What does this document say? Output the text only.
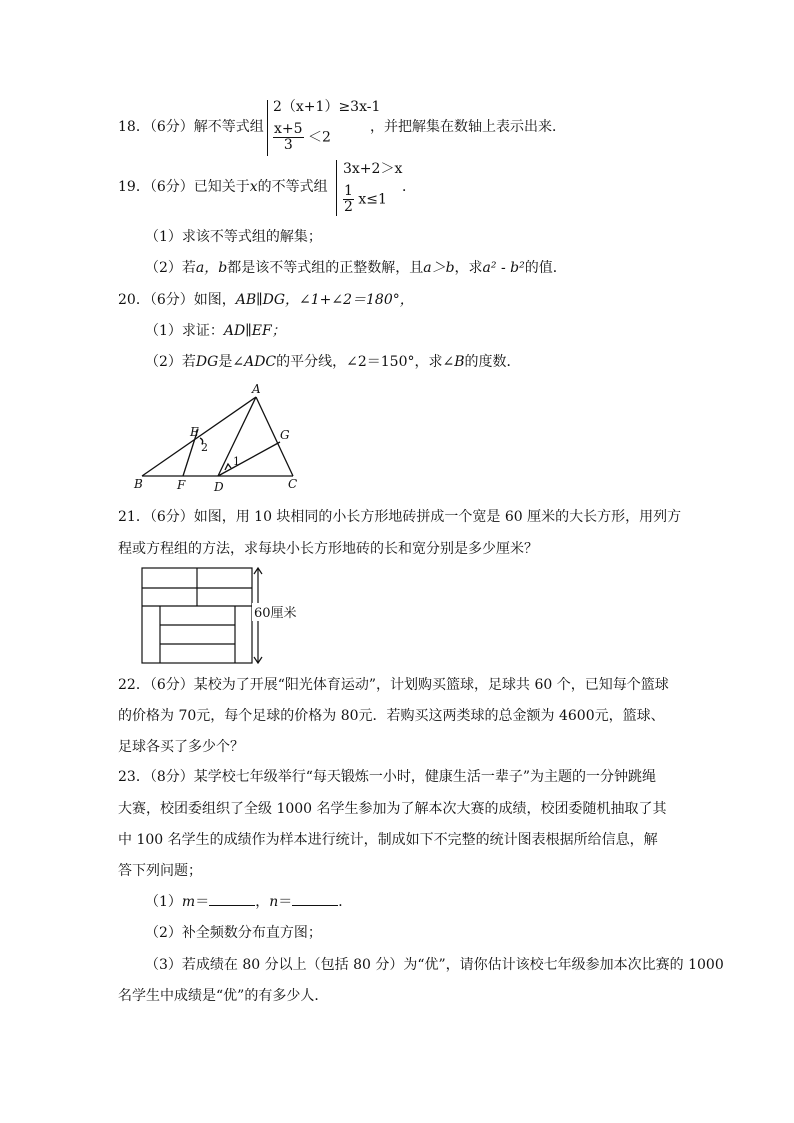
18．（6分）解不等式组
2（x+1）≥3x-1
$\frac{x+5}{3} <2$
，并把解集在数轴上表示出来．
19．（6分）已知关于x的不等式组
3x+2＞x
$\frac{1}{2} x\le 1$
．
（1）求该不等式组的解集；
（2）若a，b都是该不等式组的正整数解，且a＞b，求a² - b²的值．
20．（6分）如图，AB∥DG，∠1+∠2＝180°，
（1）求证：AD∥EF；
（2）若DG是∠ADC的平分线，∠2＝150°，求∠B的度数．
A
B	C
D
E
F
G
1
2
21．（6分）如图，用 10 块相同的小长方形地砖拼成一个宽是 60 厘米的大长方形，用列方
程或方程组的方法，求每块小长方形地砖的长和宽分别是多少厘米？
60厘米
22．（6分）某校为了开展“阳光体育运动”，计划购买篮球，足球共 60 个，已知每个篮球
的价格为 70元，每个足球的价格为 80元．若购买这两类球的总金额为 4600元，篮球、
足球各买了多少个？
23．（8分）某学校七年级举行“每天锻炼一小时，健康生活一辈子”为主题的一分钟跳绳
大赛，校团委组织了全级 1000 名学生参加为了解本次大赛的成绩，校团委随机抽取了其
中 100 名学生的成绩作为样本进行统计，制成如下不完整的统计图表根据所给信息，解
答下列问题；
（1）m＝	，n＝	．
（2）补全频数分布直方图；
（3）若成绩在 80 分以上（包括 80 分）为“优”，请你估计该校七年级参加本次比赛的 1000
名学生中成绩是“优”的有多少人．
